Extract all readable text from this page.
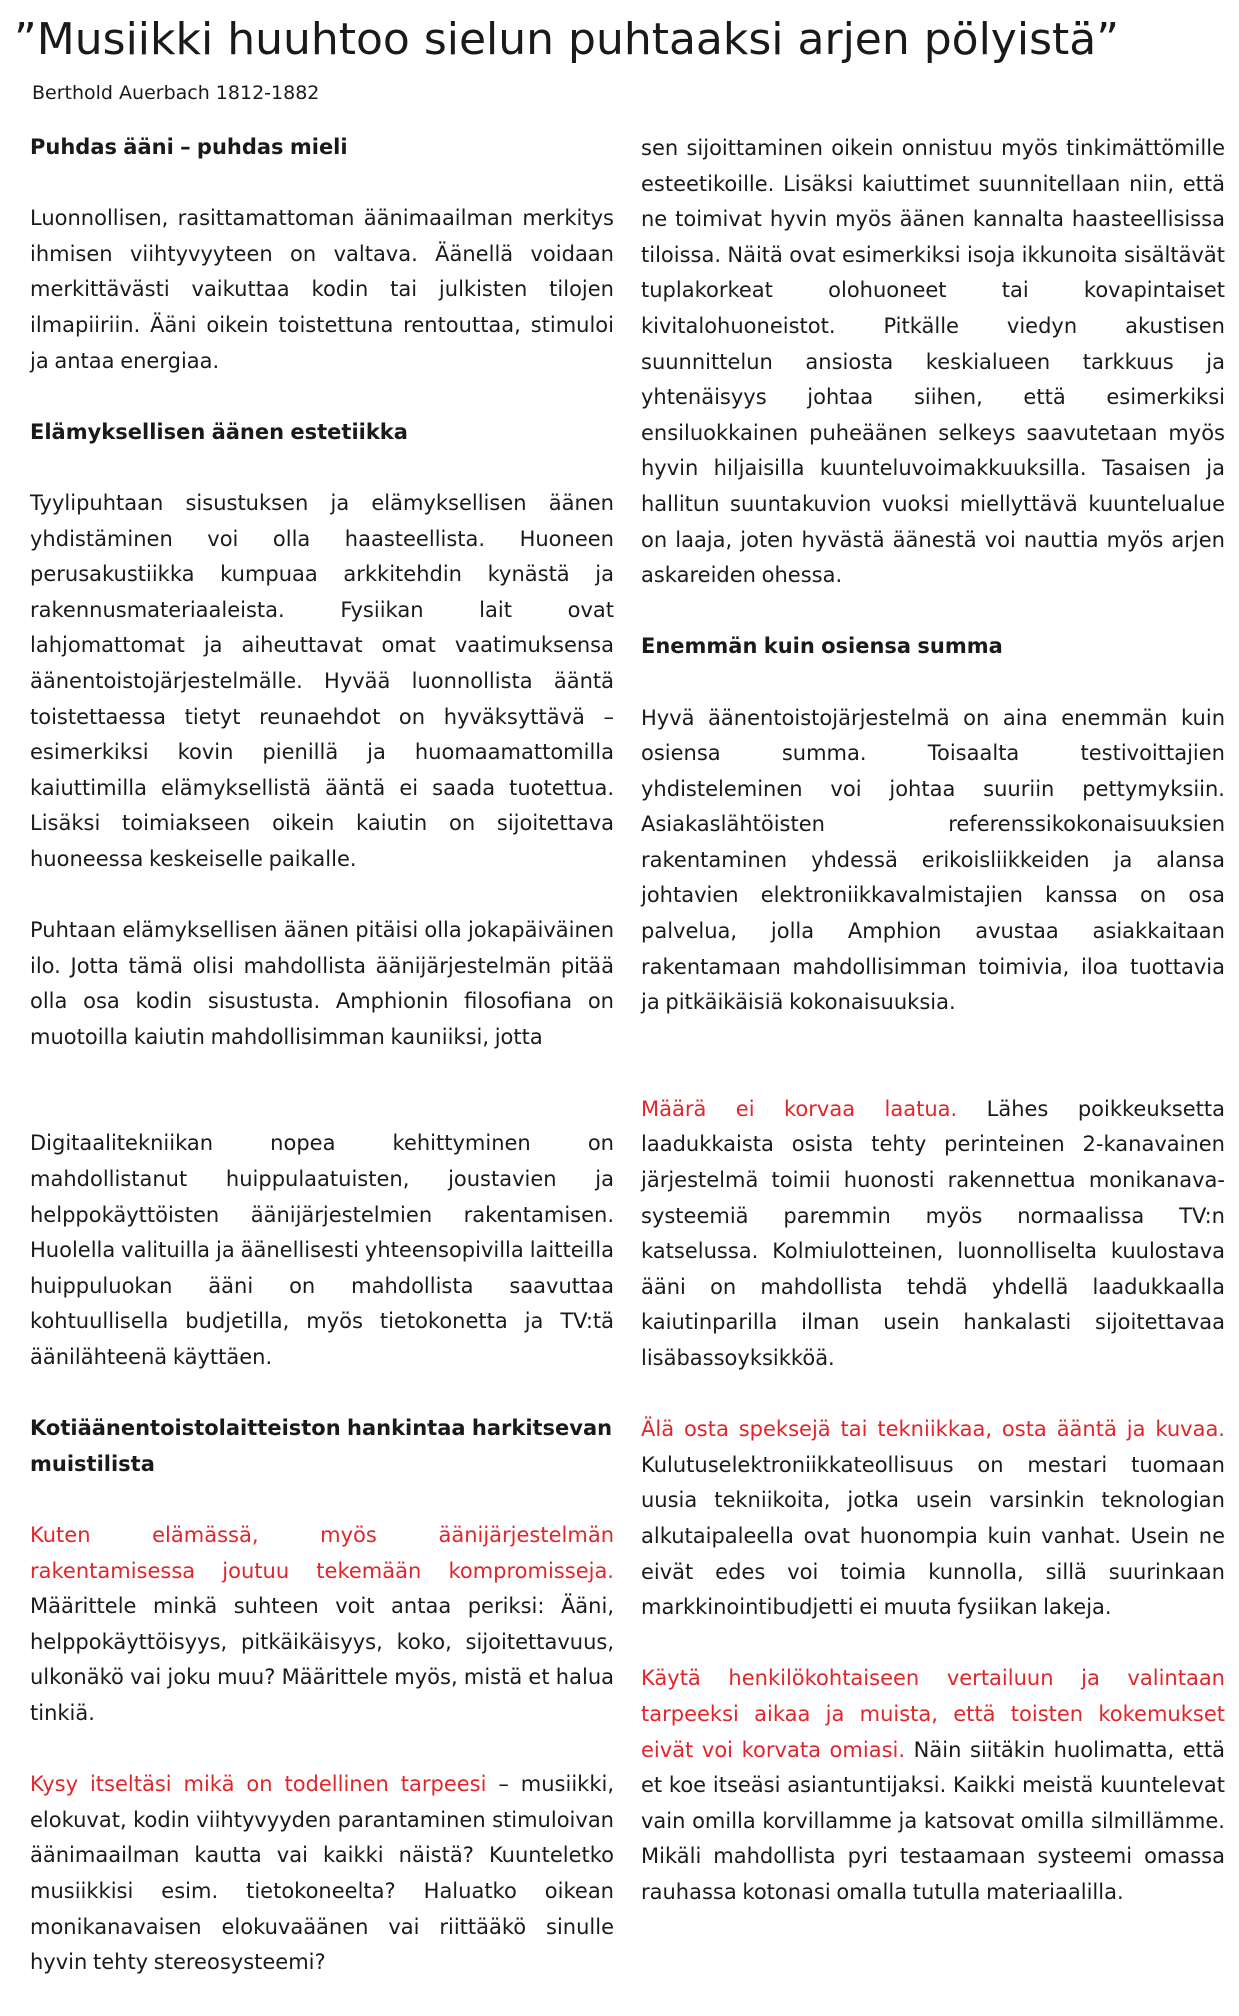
”Musiikki huuhtoo sielun puhtaaksi arjen pölyistä”
Berthold Auerbach 1812-1882
Puhdas ääni – puhdas mieli

Luonnollisen, rasittamattoman äänimaailman merkitys ihmisen viihtyvyyteen on valtava. Äänellä voidaan merkittävästi vaikuttaa kodin tai julkisten tilojen ilmapiiriin. Ääni oikein toistettuna rentouttaa, stimuloi ja antaa energiaa.

Elämyksellisen äänen estetiikka

Tyylipuhtaan sisustuksen ja elämyksellisen äänen yhdistäminen voi olla haasteellista. Huoneen perusakustiikka kumpuaa arkkitehdin kynästä ja rakennusmateriaaleista. Fysiikan lait ovat lahjomattomat ja aiheuttavat omat vaatimuksensa äänentoistojärjestelmälle. Hyvää luonnollista ääntä toistettaessa tietyt reunaehdot on hyväksyttävä – esimerkiksi kovin pienillä ja huomaamattomilla kaiuttimilla elämyksellistä ääntä ei saada tuotettua. Lisäksi toimiakseen oikein kaiutin on sijoitettava huoneessa keskeiselle paikalle.

Puhtaan elämyksellisen äänen pitäisi olla jokapäiväinen ilo. Jotta tämä olisi mahdollista äänijärjestelmän pitää olla osa kodin sisustusta. Amphionin filosofiana on muotoilla kaiutin mahdollisimman kauniiksi, jotta

Digitaalitekniikan nopea kehittyminen on mahdollistanut huippulaatuisten, joustavien ja helppokäyttöisten äänijärjestelmien rakentamisen. Huolella valituilla ja äänellisesti yhteensopivilla laitteilla huippuluokan ääni on mahdollista saavuttaa kohtuullisella budjetilla, myös tietokonetta ja TV:tä äänilähteenä käyttäen.

Kotiäänentoistolaitteiston hankintaa harkitsevan muistilista

Kuten elämässä, myös äänijärjestelmän rakentamisessa joutuu tekemään kompromisseja. Määrittele minkä suhteen voit antaa periksi: Ääni, helppokäyttöisyys, pitkäikäisyys, koko, sijoitettavuus, ulkonäkö vai joku muu? Määrittele myös, mistä et halua tinkiä.

Kysy itseltäsi mikä on todellinen tarpeesi – musiikki, elokuvat, kodin viihtyvyyden parantaminen stimuloivan äänimaailman kautta vai kaikki näistä? Kuunteletko musiikkisi esim. tietokoneelta? Haluatko oikean monikanavaisen elokuvaäänen vai riittääkö sinulle hyvin tehty stereosysteemi?

sen sijoittaminen oikein onnistuu myös tinkimättömille esteetikoille. Lisäksi kaiuttimet suunnitellaan niin, että ne toimivat hyvin myös äänen kannalta haasteellisissa tiloissa. Näitä ovat esimerkiksi isoja ikkunoita sisältävät tuplakorkeat olohuoneet tai kovapintaiset kivitalohuoneistot. Pitkälle viedyn akustisen suunnittelun ansiosta keskialueen tarkkuus ja yhtenäisyys johtaa siihen, että esimerkiksi ensiluokkainen puheäänen selkeys saavutetaan myös hyvin hiljaisilla kuunteluvoimakkuuksilla. Tasaisen ja hallitun suuntakuvion vuoksi miellyttävä kuuntelualue on laaja, joten hyvästä äänestä voi nauttia myös arjen askareiden ohessa.

Enemmän kuin osiensa summa

Hyvä äänentoistojärjestelmä on aina enemmän kuin osiensa summa. Toisaalta testivoittajien yhdisteleminen voi johtaa suuriin pettymyksiin. Asiakaslähtöisten referenssikokonaisuuksien rakentaminen yhdessä erikoisliikkeiden ja alansa johtavien elektroniikkavalmistajien kanssa on osa palvelua, jolla Amphion avustaa asiakkaitaan rakentamaan mahdollisimman toimivia, iloa tuottavia ja pitkäikäisiä kokonaisuuksia.

Määrä ei korvaa laatua. Lähes poikkeuksetta laadukkaista osista tehty perinteinen 2-kanavainen järjestelmä toimii huonosti rakennettua monikanava-systeemiä paremmin myös normaalissa TV:n katselussa. Kolmiulotteinen, luonnolliselta kuulostava ääni on mahdollista tehdä yhdellä laadukkaalla kaiutinparilla ilman usein hankalasti sijoitettavaa lisäbassoyksikköä.

Älä osta speksejä tai tekniikkaa, osta ääntä ja kuvaa. Kulutuselektroniikkateollisuus on mestari tuomaan uusia tekniikoita, jotka usein varsinkin teknologian alkutaipaleella ovat huonompia kuin vanhat. Usein ne eivät edes voi toimia kunnolla, sillä suurinkaan markkinointibudjetti ei muuta fysiikan lakeja.

Käytä henkilökohtaiseen vertailuun ja valintaan tarpeeksi aikaa ja muista, että toisten kokemukset eivät voi korvata omiasi. Näin siitäkin huolimatta, että et koe itseäsi asiantuntijaksi. Kaikki meistä kuuntelevat vain omilla korvillamme ja katsovat omilla silmillämme. Mikäli mahdollista pyri testaamaan systeemi omassa rauhassa kotonasi omalla tutulla materiaalilla.
